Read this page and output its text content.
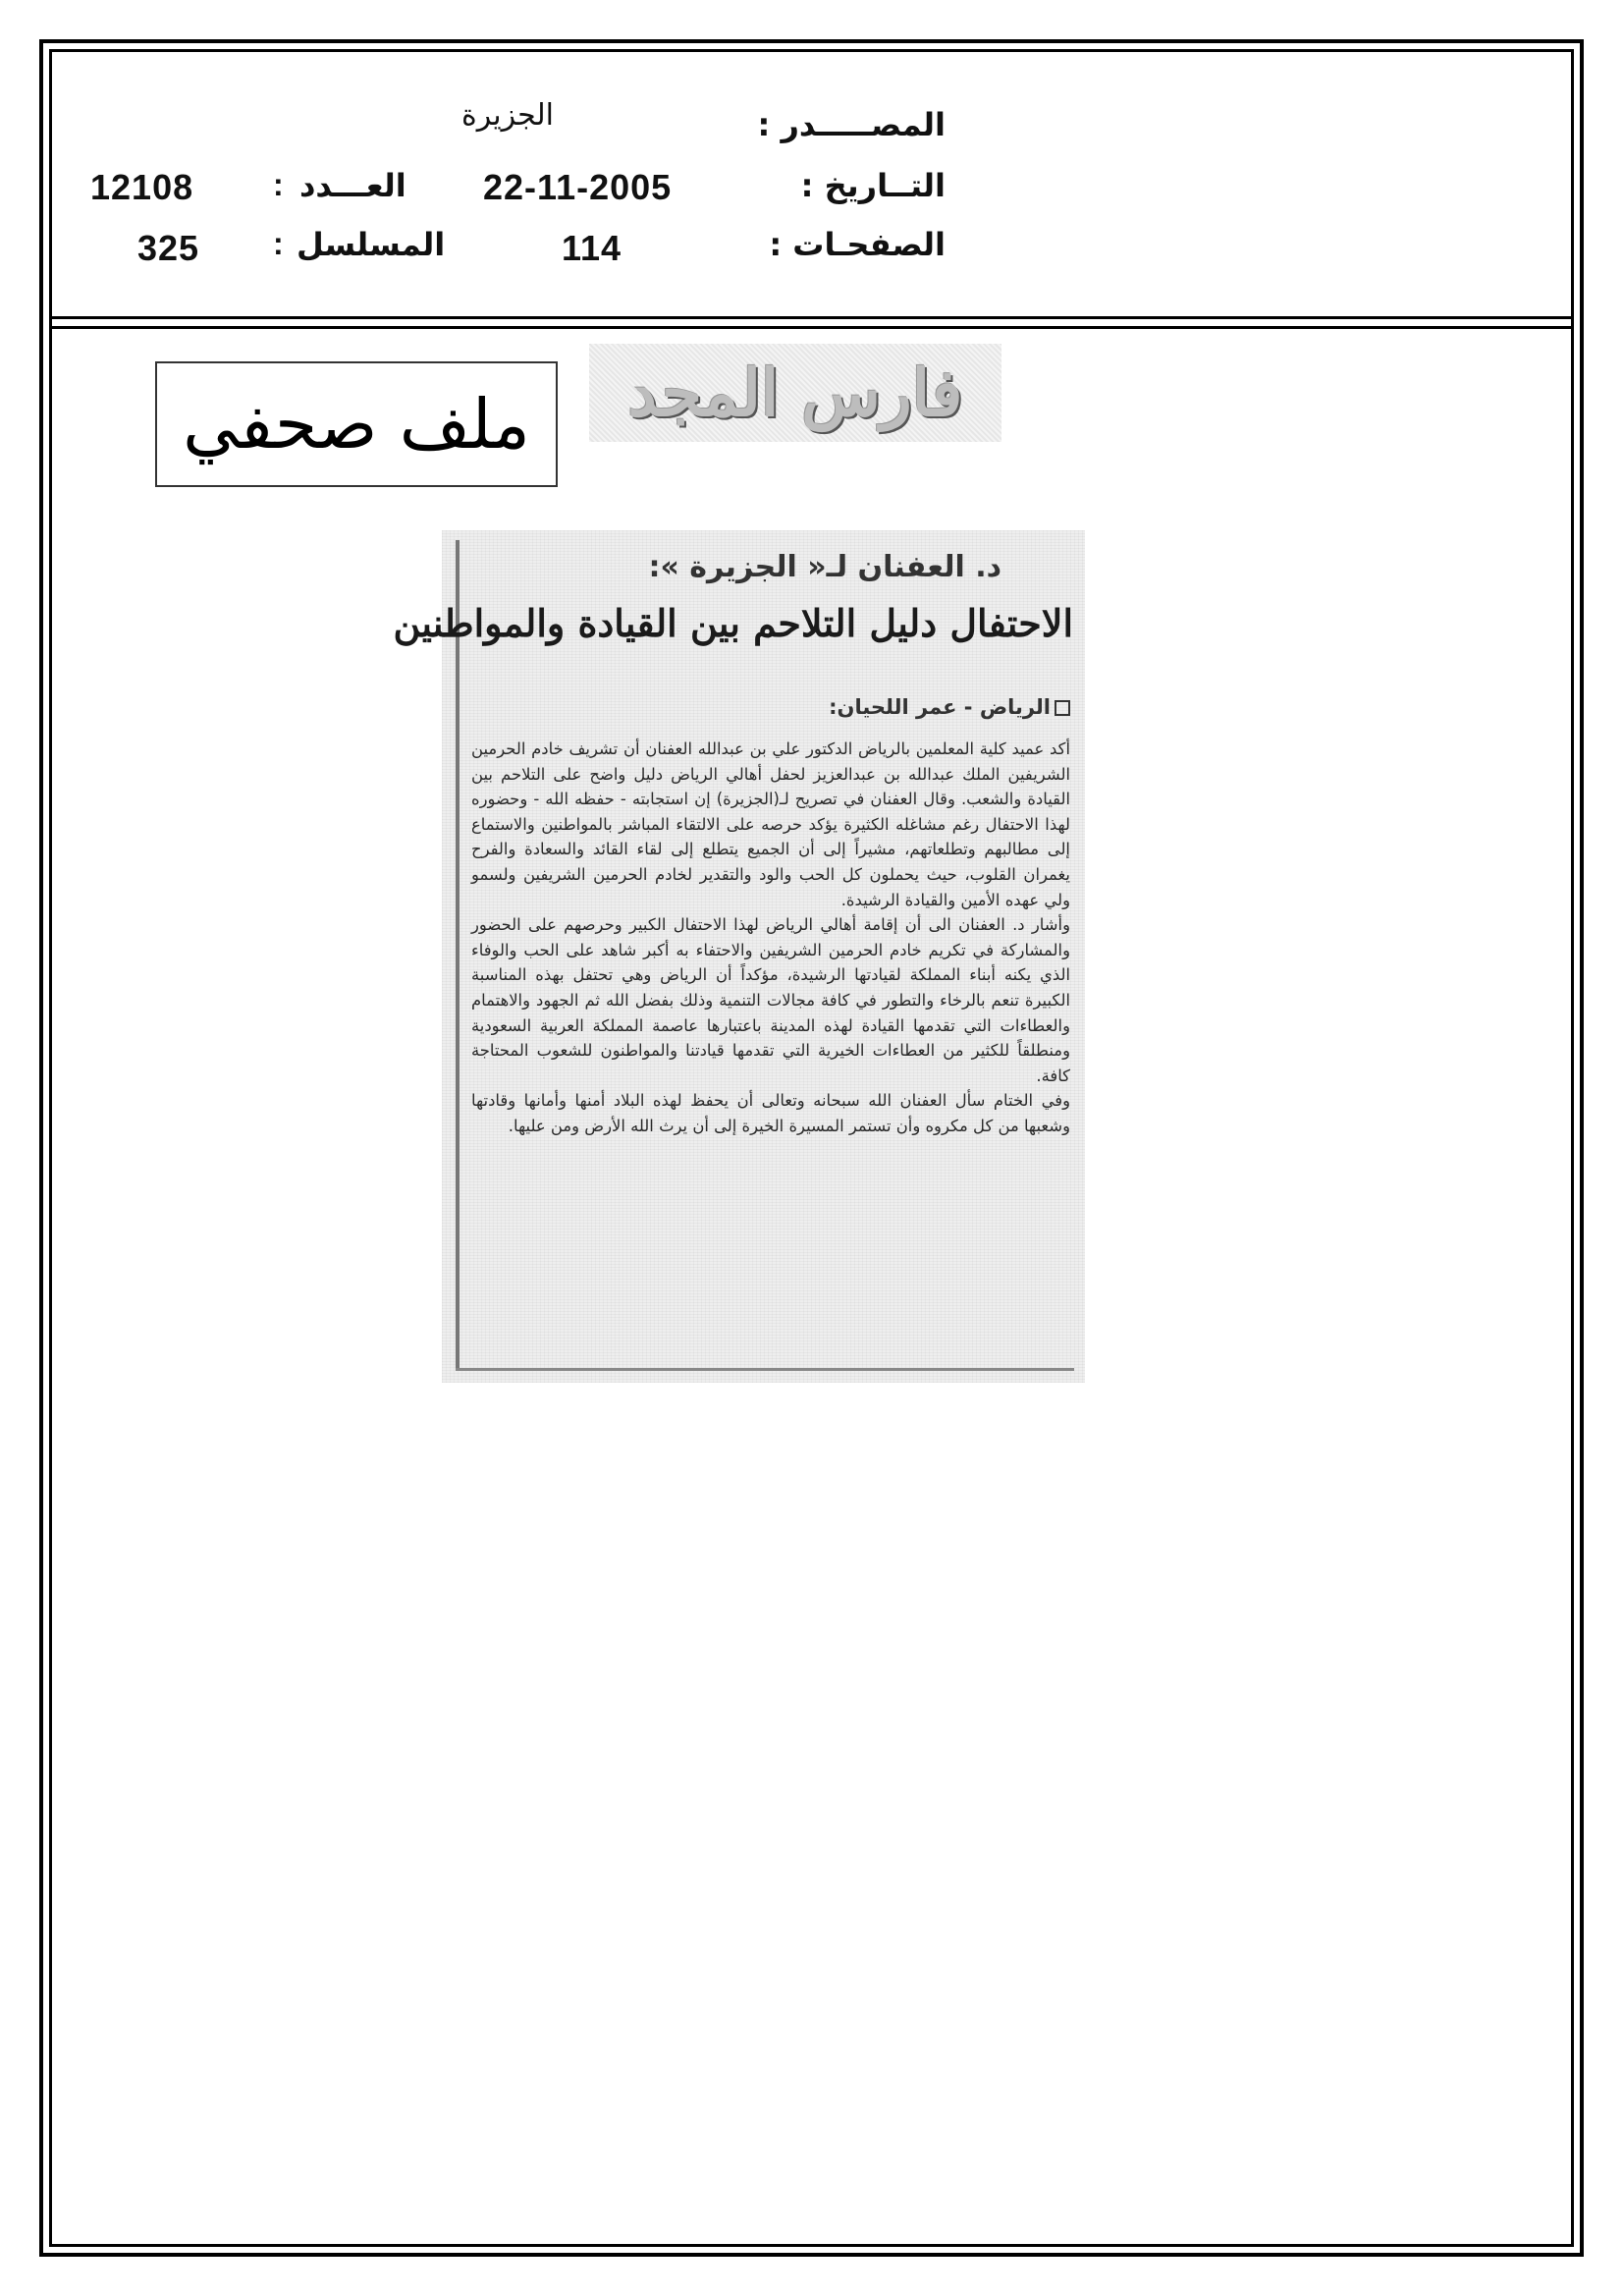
المصـــــدر :
الجزيرة
التــاريخ :
22-11-2005
الصفحـات :
114
العـــدد
:
12108
المسلسل
:
325
ملف صحفي فارس المجد
د. العفنان لـ« الجزيرة »:
الاحتفال دليل التلاحم بين القيادة والمواطنين
الرياض - عمر اللحيان:

أكد عميد كلية المعلمين بالرياض الدكتور علي بن عبدالله العفنان أن تشريف خادم الحرمين الشريفين الملك عبدالله بن عبدالعزيز لحفل أهالي الرياض دليل واضح على التلاحم بين القيادة والشعب. وقال العفنان في تصريح لـ(الجزيرة) إن استجابته - حفظه الله - وحضوره لهذا الاحتفال رغم مشاغله الكثيرة يؤكد حرصه على الالتقاء المباشر بالمواطنين والاستماع إلى مطالبهم وتطلعاتهم، مشيراً إلى أن الجميع يتطلع إلى لقاء القائد والسعادة والفرح يغمران القلوب، حيث يحملون كل الحب والود والتقدير لخادم الحرمين الشريفين ولسمو ولي عهده الأمين والقيادة الرشيدة.

وأشار د. العفنان الى أن إقامة أهالي الرياض لهذا الاحتفال الكبير وحرصهم على الحضور والمشاركة في تكريم خادم الحرمين الشريفين والاحتفاء به أكبر شاهد على الحب والوفاء الذي يكنه أبناء المملكة لقيادتها الرشيدة، مؤكداً أن الرياض وهي تحتفل بهذه المناسبة الكبيرة تنعم بالرخاء والتطور في كافة مجالات التنمية وذلك بفضل الله ثم الجهود والاهتمام والعطاءات التي تقدمها القيادة لهذه المدينة باعتبارها عاصمة المملكة العربية السعودية ومنطلقاً للكثير من العطاءات الخيرية التي تقدمها قيادتنا والمواطنون للشعوب المحتاجة كافة.

وفي الختام سأل العفنان الله سبحانه وتعالى أن يحفظ لهذه البلاد أمنها وأمانها وقادتها وشعبها من كل مكروه وأن تستمر المسيرة الخيرة إلى أن يرث الله الأرض ومن عليها.
